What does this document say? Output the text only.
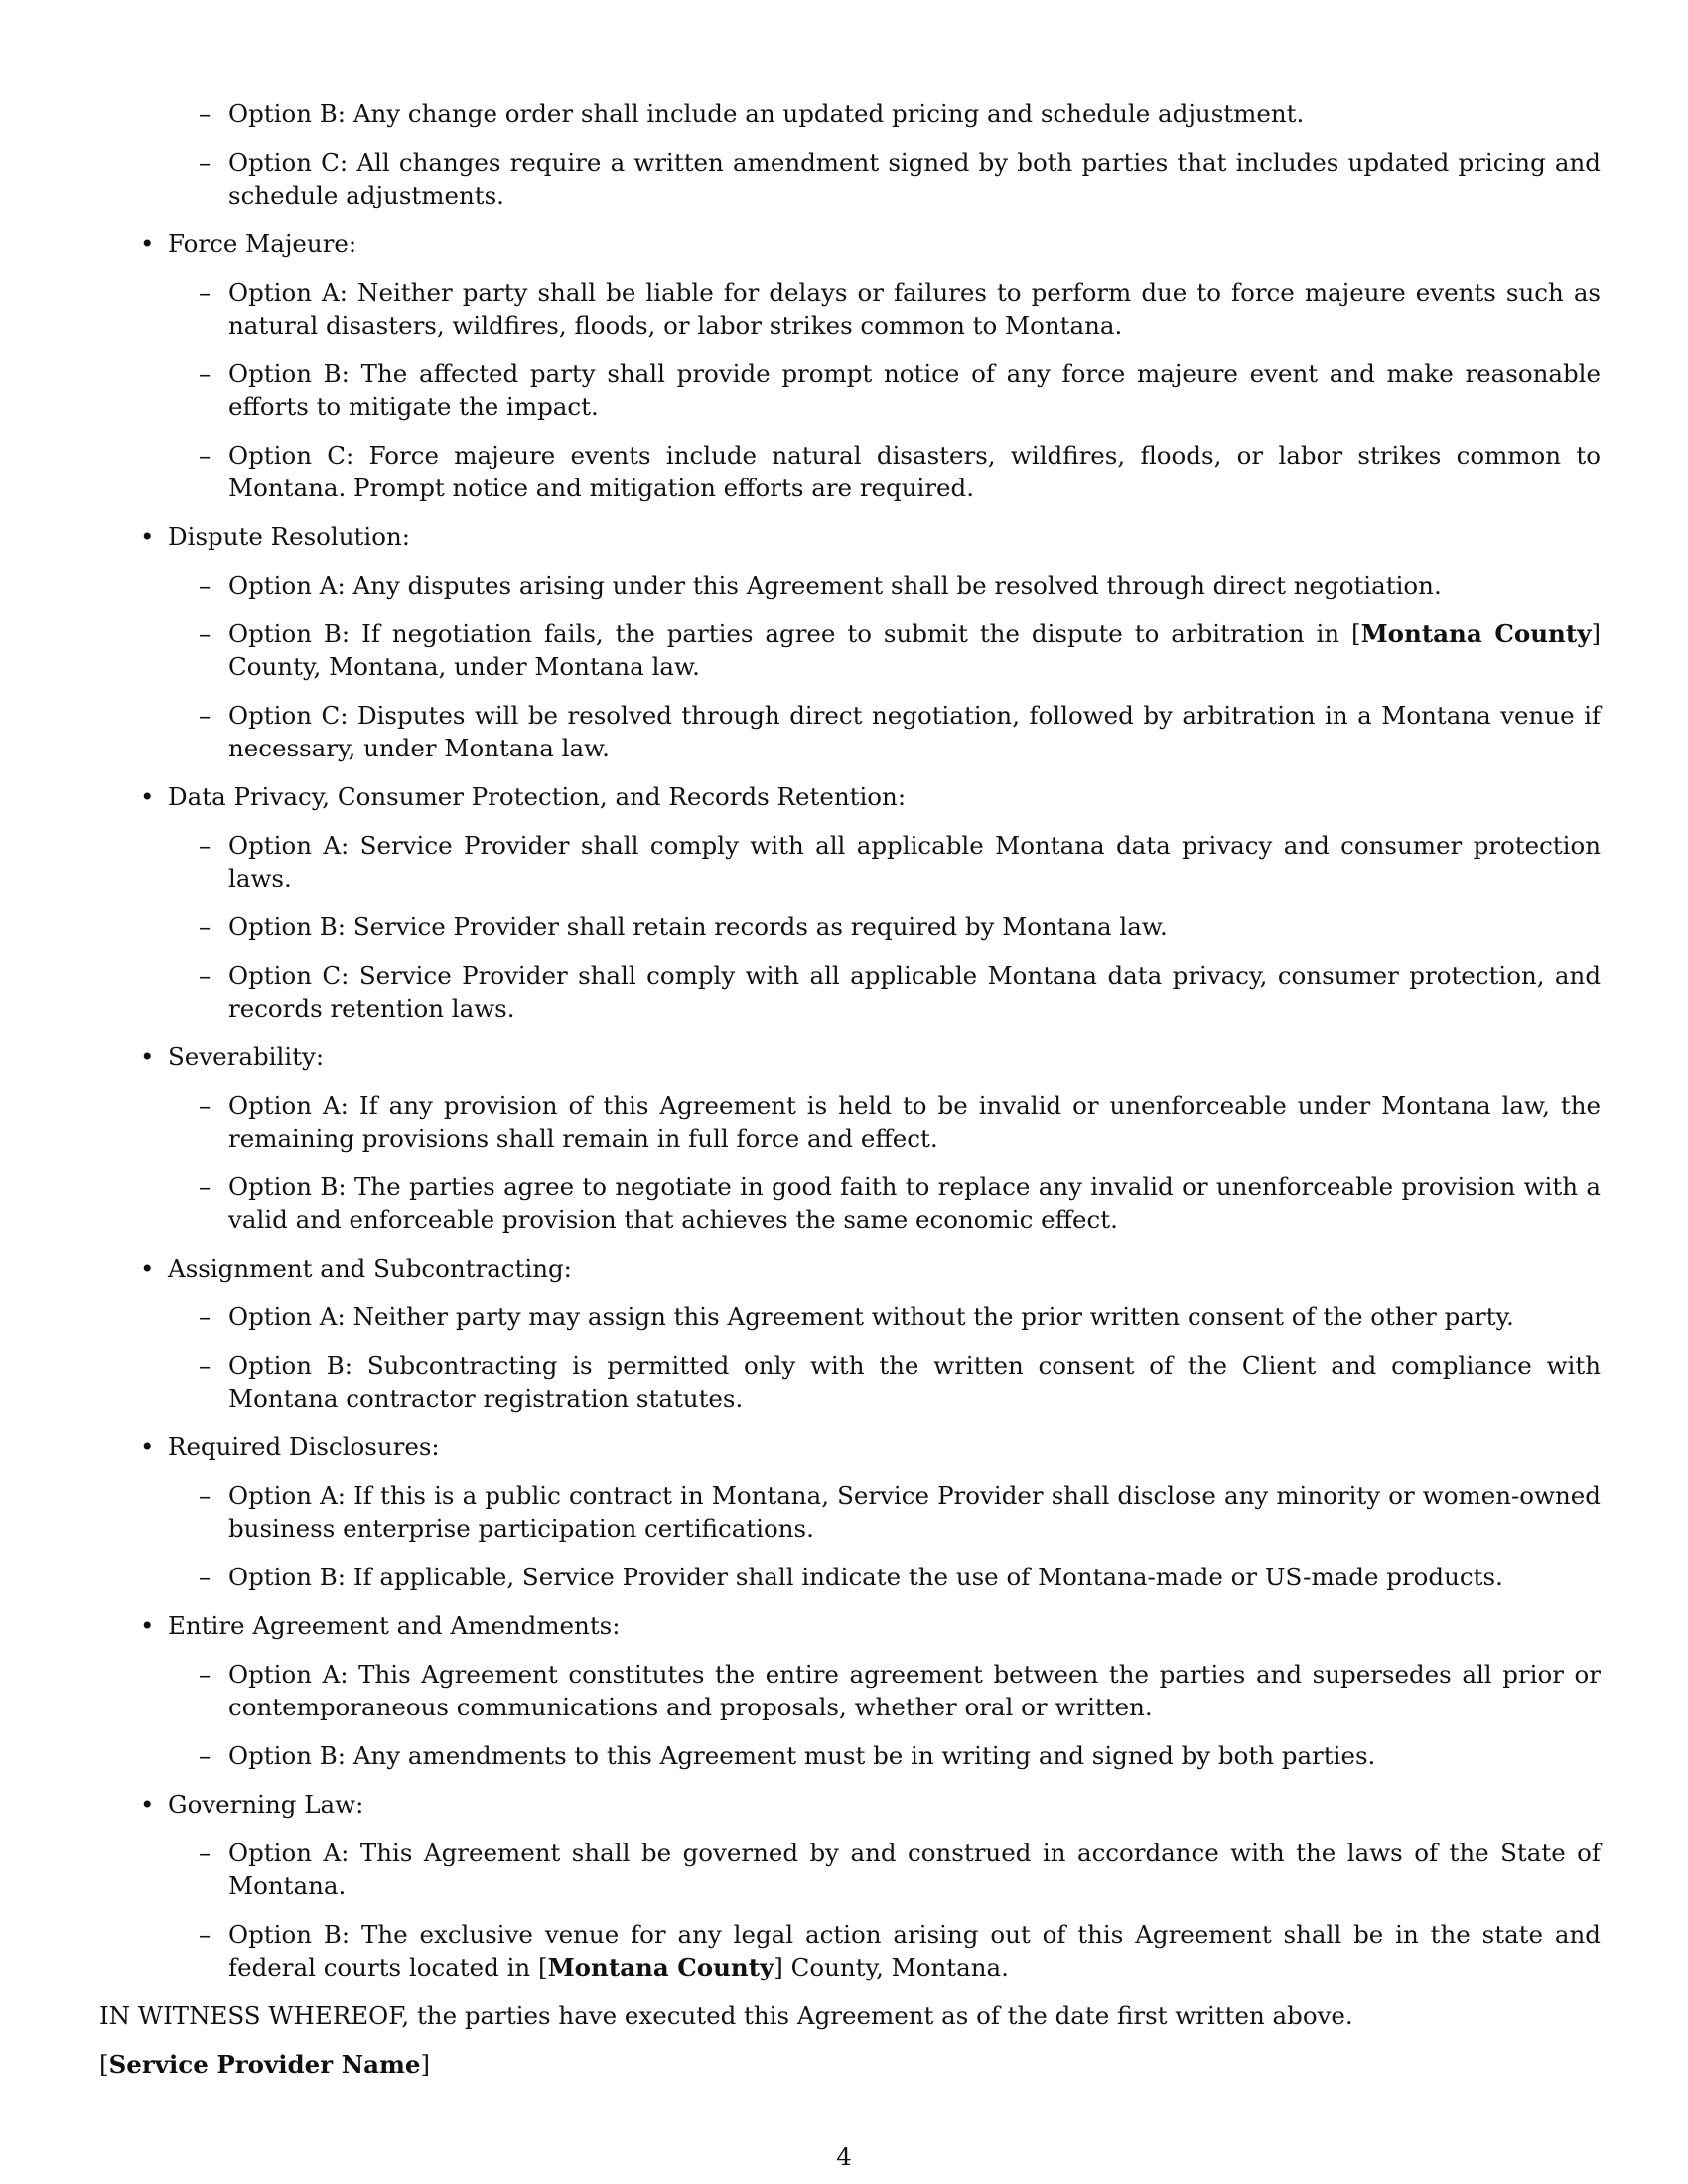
– Option B: Any change order shall include an updated pricing and schedule adjustment.
– Option C: All changes require a written amendment signed by both parties that includes updated pricing and schedule adjustments.
• Force Majeure:
– Option A: Neither party shall be liable for delays or failures to perform due to force majeure events such as natural disasters, wildfires, floods, or labor strikes common to Montana.
– Option B: The affected party shall provide prompt notice of any force majeure event and make reasonable efforts to mitigate the impact.
– Option C: Force majeure events include natural disasters, wildfires, floods, or labor strikes common to Montana. Prompt notice and mitigation efforts are required.
• Dispute Resolution:
– Option A: Any disputes arising under this Agreement shall be resolved through direct negotiation.
– Option B: If negotiation fails, the parties agree to submit the dispute to arbitration in [Montana County] County, Montana, under Montana law.
– Option C: Disputes will be resolved through direct negotiation, followed by arbitration in a Montana venue if necessary, under Montana law.
• Data Privacy, Consumer Protection, and Records Retention:
– Option A: Service Provider shall comply with all applicable Montana data privacy and consumer protection laws.
– Option B: Service Provider shall retain records as required by Montana law.
– Option C: Service Provider shall comply with all applicable Montana data privacy, consumer protection, and records retention laws.
• Severability:
– Option A: If any provision of this Agreement is held to be invalid or unenforceable under Montana law, the remaining provisions shall remain in full force and effect.
– Option B: The parties agree to negotiate in good faith to replace any invalid or unenforceable provision with a valid and enforceable provision that achieves the same economic effect.
• Assignment and Subcontracting:
– Option A: Neither party may assign this Agreement without the prior written consent of the other party.
– Option B: Subcontracting is permitted only with the written consent of the Client and compliance with Montana contractor registration statutes.
• Required Disclosures:
– Option A: If this is a public contract in Montana, Service Provider shall disclose any minority or women-owned business enterprise participation certifications.
– Option B: If applicable, Service Provider shall indicate the use of Montana-made or US-made products.
• Entire Agreement and Amendments:
– Option A: This Agreement constitutes the entire agreement between the parties and supersedes all prior or contemporaneous communications and proposals, whether oral or written.
– Option B: Any amendments to this Agreement must be in writing and signed by both parties.
• Governing Law:
– Option A: This Agreement shall be governed by and construed in accordance with the laws of the State of Montana.
– Option B: The exclusive venue for any legal action arising out of this Agreement shall be in the state and federal courts located in [Montana County] County, Montana.
IN WITNESS WHEREOF, the parties have executed this Agreement as of the date first written above.
[Service Provider Name]
4
